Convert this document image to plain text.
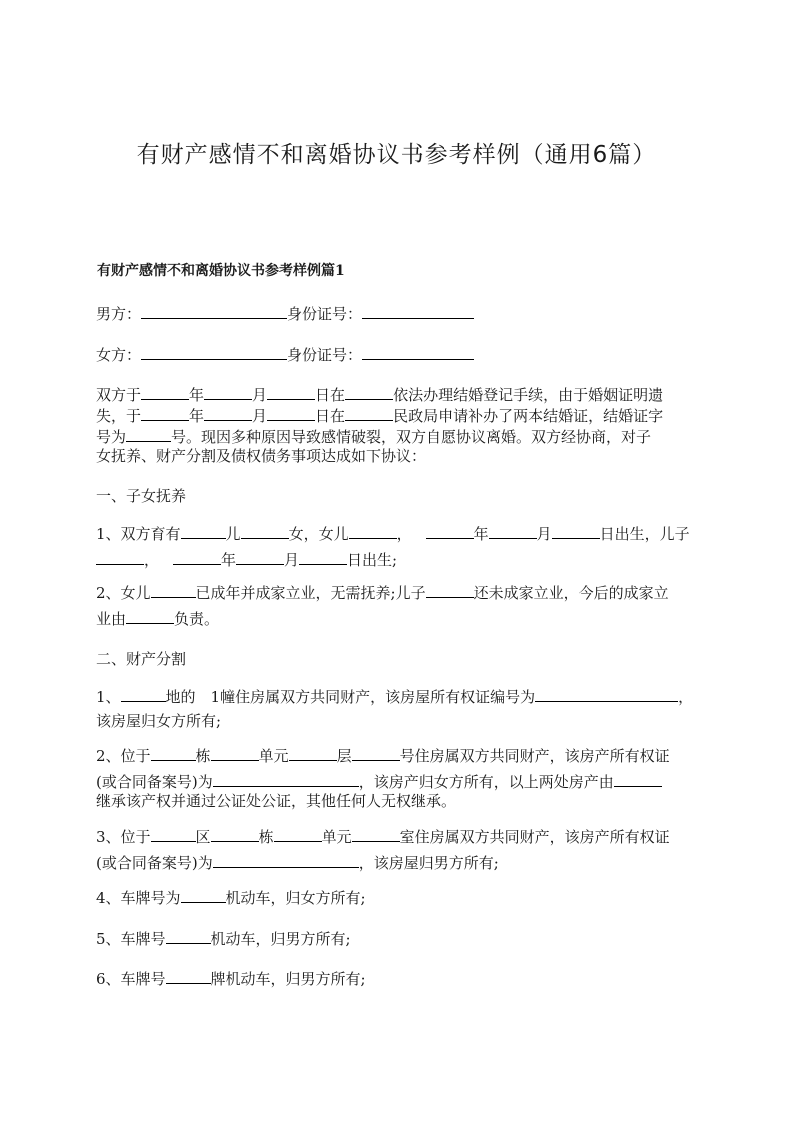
有财产感情不和离婚协议书参考样例（通用6篇）
有财产感情不和离婚协议书参考样例篇1
男方：	身份证号：
女方：	身份证号：
双方于	年	月	日在	依法办理结婚登记手续，由于婚姻证明遗
失，于	年	月	日在	民政局申请补办了两本结婚证，结婚证字
号为	号。现因多种原因导致感情破裂，双方自愿协议离婚。双方经协商，对子
女抚养、财产分割及债权债务事项达成如下协议：
一、子女抚养
1、双方育有	儿	女，女儿	，	年	月	日出生，儿子
，	年	月	日出生;
2、女儿	已成年并成家立业，无需抚养;儿子	还未成家立业，今后的成家立
业由	负责。
二、财产分割
1、	地的　1幢住房属双方共同财产，该房屋所有权证编号为	，
该房屋归女方所有;
2、位于	栋	单元	层	号住房属双方共同财产，该房产所有权证
(或合同备案号)为	，该房产归女方所有，以上两处房产由
继承该产权并通过公证处公证，其他任何人无权继承。
3、位于	区	栋	单元	室住房属双方共同财产，该房产所有权证
(或合同备案号)为	，该房屋归男方所有;
4、车牌号为	机动车，归女方所有;
5、车牌号	机动车，归男方所有;
6、车牌号	牌机动车，归男方所有;
